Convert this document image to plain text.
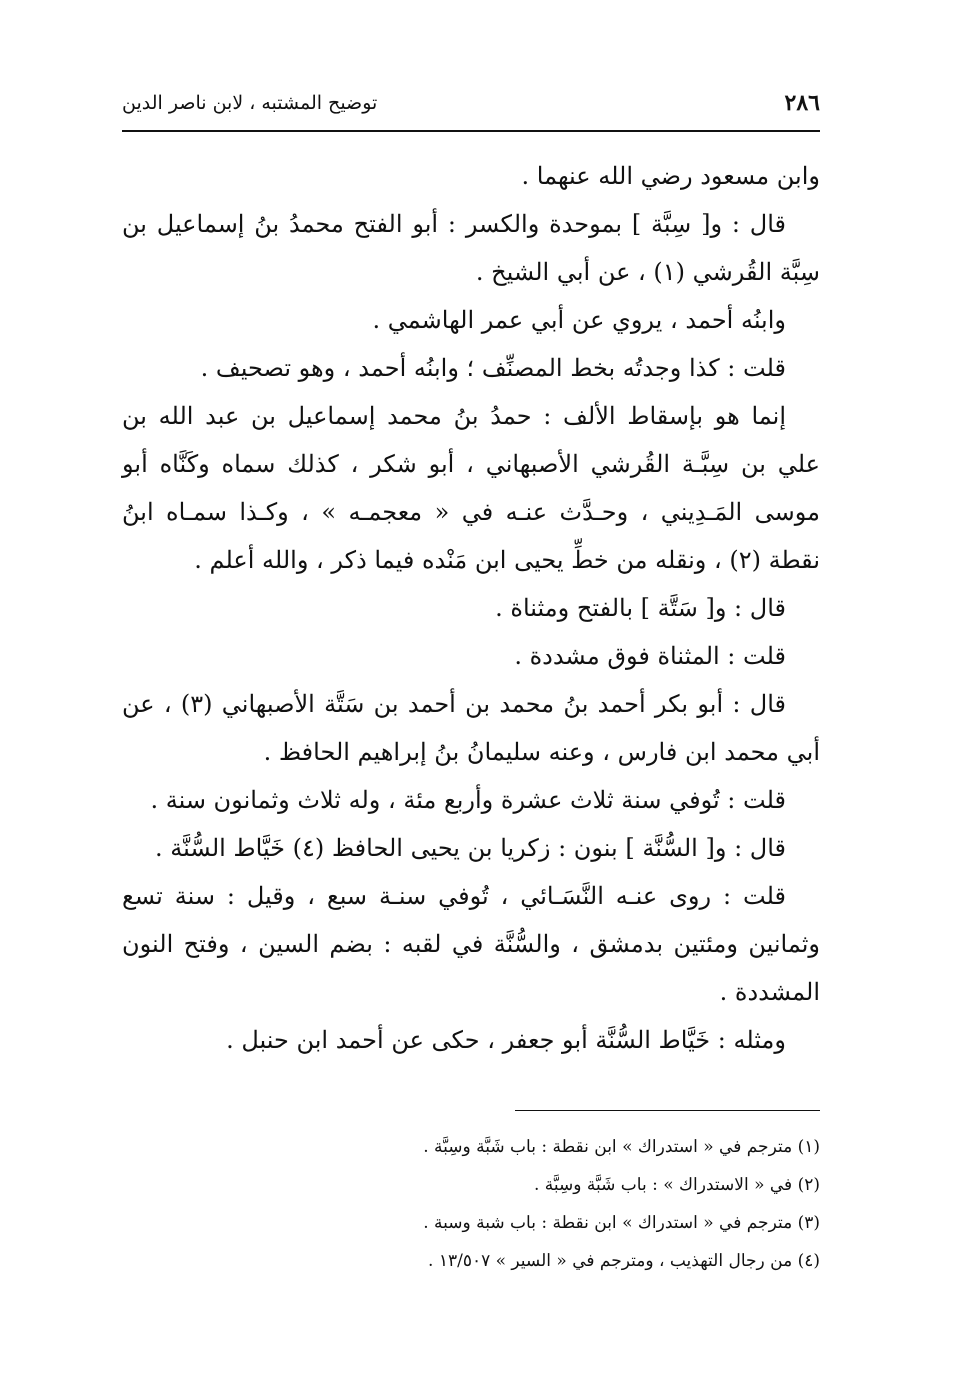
٢٨٦
توضيح المشتبه ، لابن ناصر الدين

وابن مسعود رضي الله عنهما .

قال : و[ سِبَّة ] بموحدة والكسر : أبو الفتح محمدُ بنُ إسماعيل بن سِبَّة القُرشي (١) ، عن أبي الشيخ .

وابنُه أحمد ، يروي عن أبي عمر الهاشمي .

قلت : كذا وجدتُه بخط المصنِّف ؛ وابنُه أحمد ، وهو تصحيف .

إنما هو بإسقاط الألف : حمدُ بنُ محمد إسماعيل بن عبد الله بن علي بن سِبَّـة القُرشي الأصبهاني ، أبو شكر ، كذلك سماه وكَنَّاه أبو موسى المَـدِيني ، وحـدَّث عنـه في « معجمـه » ، وكـذا سمـاه ابنُ نقطة (٢) ، ونقله من خطِّ يحيى ابن مَنْده فيما ذكر ، والله أعلم .

قال : و[ سَتَّة ] بالفتح ومثناة .

قلت : المثناة فوق مشددة .

قال : أبو بكر أحمد بنُ محمد بن أحمد بن سَتَّة الأصبهاني (٣) ، عن أبي محمد ابن فارس ، وعنه سليمانُ بنُ إبراهيم الحافظ .

قلت : تُوفي سنة ثلاث عشرة وأربع مئة ، وله ثلاث وثمانون سنة .

قال : و[ السُّنَّة ] بنون : زكريا بن يحيى الحافظ (٤) خَيَّاط السُّنَّة .

قلت : روى عنـه النَّسَـائي ، تُوفي سنـة سبع ، وقيل : سنة تسع وثمانين ومئتين بدمشق ، والسُّنَّة في لقبه : بضم السين ، وفتح النون المشددة .

ومثله : خَيَّاط السُّنَّة أبو جعفر ، حكى عن أحمد ابن حنبل .

(١) مترجم في « استدراك » ابن نقطة : باب شَبَّة وسِبَّة .

(٢) في « الاستدراك » : باب شَبَّة وسِبَّة .

(٣) مترجم في « استدراك » ابن نقطة : باب شبة وسبة .

(٤) من رجال التهذيب ، ومترجم في « السير » ١٣/٥٠٧ .
